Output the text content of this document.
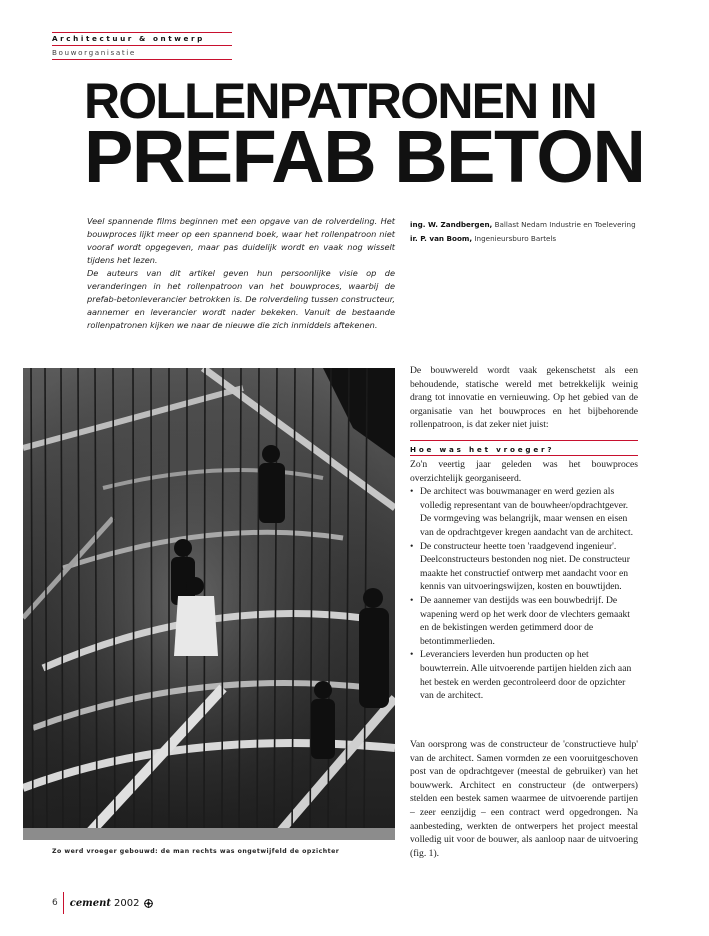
Architectuur & ontwerp
Bouworganisatie
ROLLENPATRONEN IN
PREFAB BETON

Veel spannende films beginnen met een opgave van de rolverdeling. Het bouwproces lijkt meer op een spannend boek, waar het rollenpatroon niet vooraf wordt opgegeven, maar pas duidelijk wordt en vaak nog wisselt tijdens het lezen.

De auteurs van dit artikel geven hun persoonlijke visie op de veranderingen in het rollenpatroon van het bouwproces, waarbij de prefab-betonleverancier betrokken is. De rolverdeling tussen constructeur, aannemer en leverancier wordt nader bekeken. Vanuit de bestaande rollenpatronen kijken we naar de nieuwe die zich inmiddels aftekenen.

ing. W. Zandbergen, Ballast Nedam Industrie en Toelevering
ir. P. van Boom, Ingenieursburo Bartels
Zo werd vroeger gebouwd: de man rechts was ongetwijfeld de opzichter

De bouwwereld wordt vaak gekenschetst als een behoudende, statische wereld met betrekkelijk weinig drang tot innovatie en vernieuwing. Op het gebied van de organisatie van het bouwproces en het bijbehorende rollenpatroon, is dat zeker niet juist:

Hoe was het vroeger?

Zo'n veertig jaar geleden was het bouwproces overzichtelijk georganiseerd.

• De architect was bouwmanager en werd gezien als volledig representant van de bouwheer/opdrachtgever. De vormgeving was belangrijk, maar wensen en eisen van de opdrachtgever kregen aandacht van de architect.
• De constructeur heette toen 'raadgevend ingenieur'. Deelconstructeurs bestonden nog niet. De constructeur maakte het constructief ontwerp met aandacht voor en kennis van uitvoeringswijzen, kosten en bouwtijden.
• De aannemer van destijds was een bouwbedrijf. De wapening werd op het werk door de vlechters gemaakt en de bekistingen werden getimmerd door de betontimmerlieden.
• Leveranciers leverden hun producten op het bouwterrein. Alle uitvoerende partijen hielden zich aan het bestek en werden gecontroleerd door de opzichter van de architect.

Van oorsprong was de constructeur de 'constructieve hulp' van de architect. Samen vormden ze een vooruitgeschoven post van de opdrachtgever (meestal de gebruiker) van het bouwwerk. Architect en constructeur (de ontwerpers) stelden een bestek samen waarmee de uitvoerende partijen – zeer eenzijdig – een contract werd opgedrongen. Na aanbesteding, werkten de ontwerpers het project meestal volledig uit voor de bouwer, als aanloop naar de uitvoering (fig. 1).

6 cement 2002
